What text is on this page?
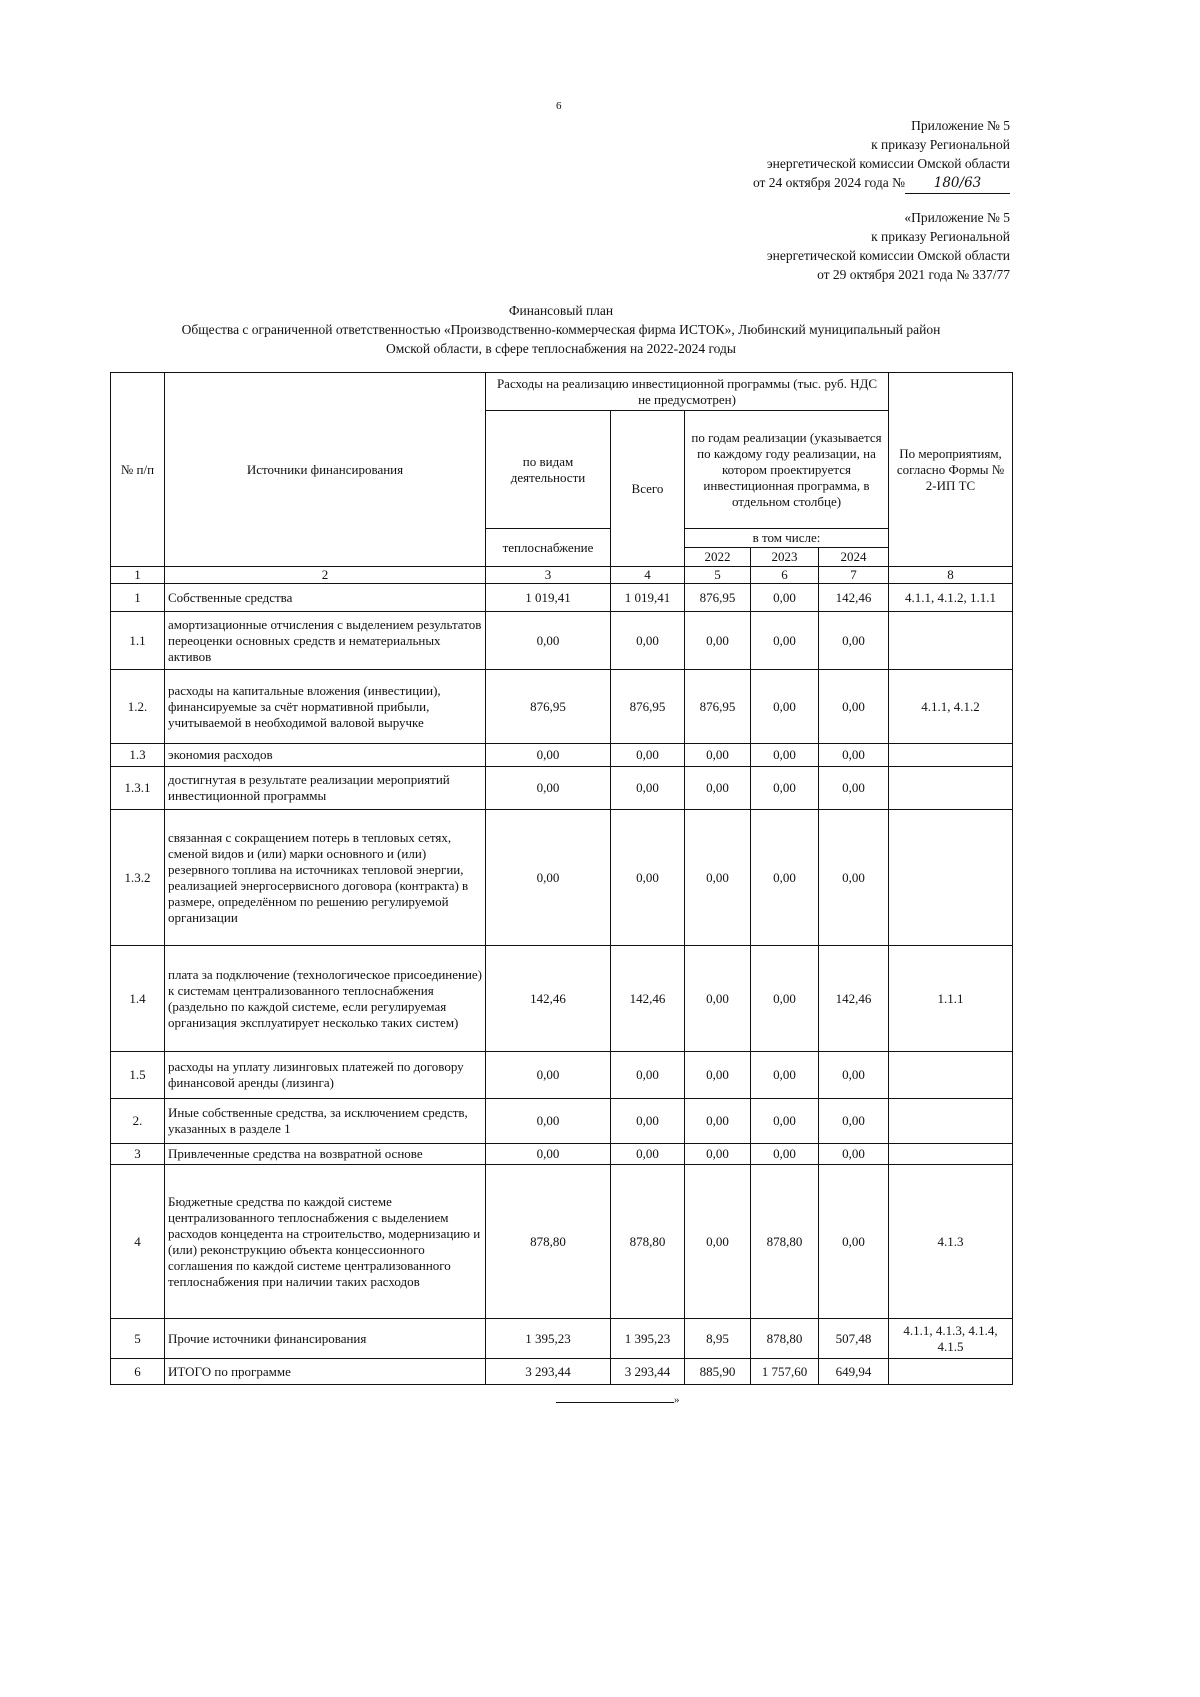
6
Приложение № 5
к приказу Региональной
энергетической комиссии Омской области
от 24 октября 2024 года № 180/63
«Приложение № 5
к приказу Региональной
энергетической комиссии Омской области
от 29 октября 2021 года № 337/77
Финансовый план
Общества с ограниченной ответственностью «Производственно-коммерческая фирма ИСТОК», Любинский муниципальный район
Омской области, в сфере теплоснабжения на 2022-2024 годы
№ п/п	Источники финансирования	Расходы на реализацию инвестиционной программы (тыс. руб. НДС не предусмотрен)					По мероприятиям, согласно Формы № 2-ИП ТС
		по видам деятельности	Всего	по годам реализации (указывается по каждому году реализации, на котором проектируется инвестиционная программа, в отдельном столбце)			
		теплоснабжение		в том числе:			
				2022	2023	2024	
1	2	3	4	5	6	7	8
1	Собственные средства	1 019,41	1 019,41	876,95	0,00	142,46	4.1.1, 4.1.2, 1.1.1
1.1	амортизационные отчисления с выделением результатов переоценки основных средств и нематериальных активов	0,00	0,00	0,00	0,00	0,00	
1.2.	расходы на капитальные вложения (инвестиции), финансируемые за счёт нормативной прибыли, учитываемой в необходимой валовой выручке	876,95	876,95	876,95	0,00	0,00	4.1.1, 4.1.2
1.3	экономия расходов	0,00	0,00	0,00	0,00	0,00	
1.3.1	достигнутая в результате реализации мероприятий инвестиционной программы	0,00	0,00	0,00	0,00	0,00	
1.3.2	связанная с сокращением потерь в тепловых сетях, сменой видов и (или) марки основного и (или) резервного топлива на источниках тепловой энергии, реализацией энергосервисного договора (контракта) в размере, определённом по решению регулируемой организации	0,00	0,00	0,00	0,00	0,00	
1.4	плата за подключение (технологическое присоединение) к системам централизованного теплоснабжения (раздельно по каждой системе, если регулируемая организация эксплуатирует несколько таких систем)	142,46	142,46	0,00	0,00	142,46	1.1.1
1.5	расходы на уплату лизинговых платежей по договору финансовой аренды (лизинга)	0,00	0,00	0,00	0,00	0,00	
2.	Иные собственные средства, за исключением средств, указанных в разделе 1	0,00	0,00	0,00	0,00	0,00	
3	Привлеченные средства на возвратной основе	0,00	0,00	0,00	0,00	0,00	
4	Бюджетные средства по каждой системе централизованного теплоснабжения с выделением расходов концедента на строительство, модернизацию и (или) реконструкцию объекта концессионного соглашения по каждой системе централизованного теплоснабжения при наличии таких расходов	878,80	878,80	0,00	878,80	0,00	4.1.3
5	Прочие источники финансирования	1 395,23	1 395,23	8,95	878,80	507,48	4.1.1, 4.1.3, 4.1.4, 4.1.5
6	ИТОГО по программе	3 293,44	3 293,44	885,90	1 757,60	649,94	
»
